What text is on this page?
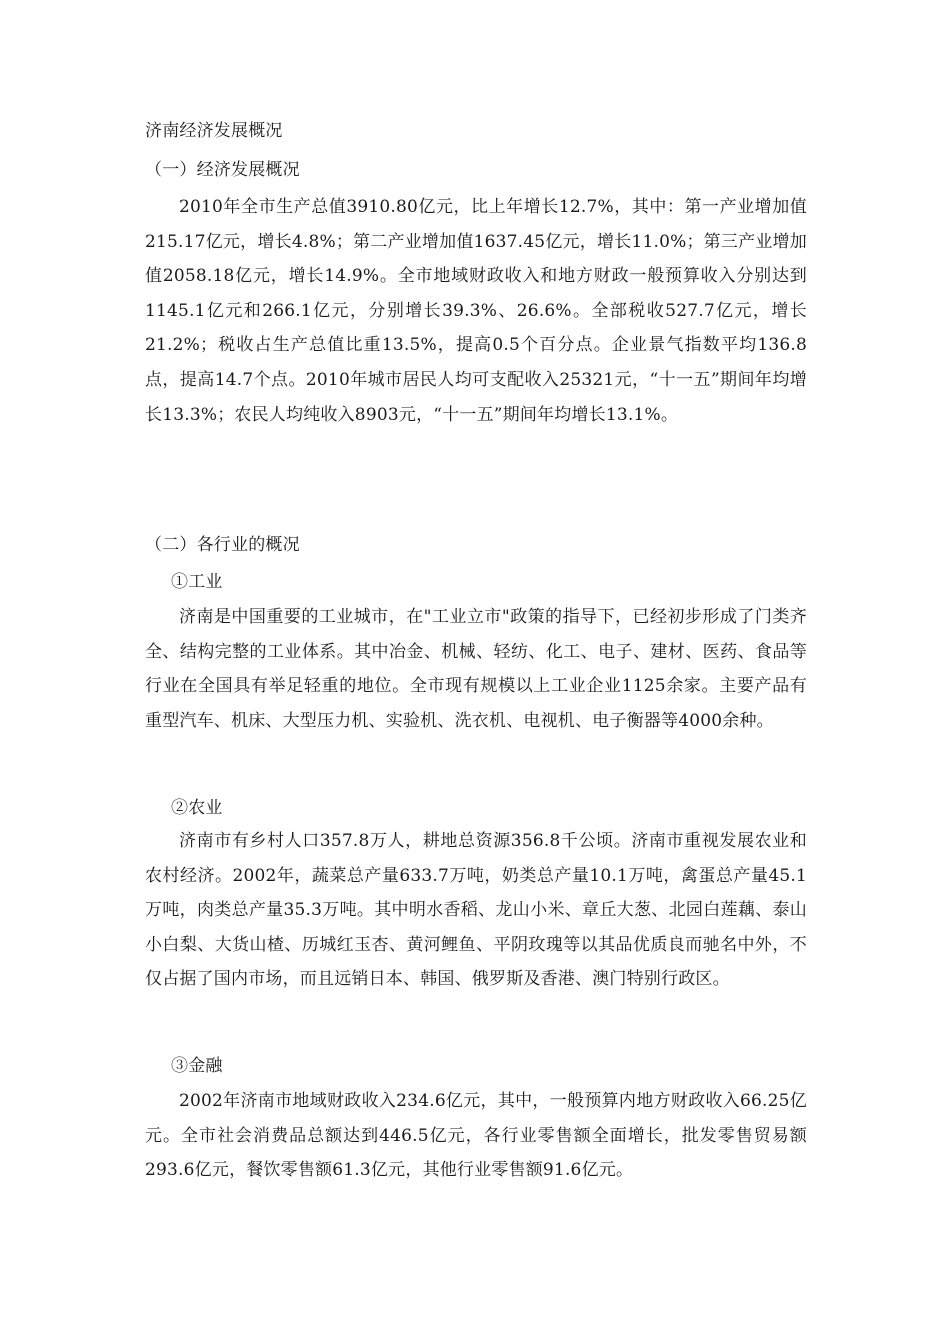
济南经济发展概况
（一）经济发展概况

2010年全市生产总值3910.80亿元，比上年增长12.7%，其中：第一产业增加值215.17亿元，增长4.8%；第二产业增加值1637.45亿元，增长11.0%；第三产业增加值2058.18亿元，增长14.9%。全市地域财政收入和地方财政一般预算收入分别达到1145.1亿元和266.1亿元，分别增长39.3%、26.6%。全部税收527.7亿元，增长21.2%；税收占生产总值比重13.5%，提高0.5个百分点。企业景气指数平均136.8点，提高14.7个点。2010年城市居民人均可支配收入25321元，“十一五”期间年均增长13.3%；农民人均纯收入8903元，“十一五”期间年均增长13.1%。

（二）各行业的概况
①工业

济南是中国重要的工业城市，在"工业立市"政策的指导下，已经初步形成了门类齐全、结构完整的工业体系。其中冶金、机械、轻纺、化工、电子、建材、医药、食品等行业在全国具有举足轻重的地位。全市现有规模以上工业企业1125余家。主要产品有重型汽车、机床、大型压力机、实验机、洗衣机、电视机、电子衡器等4000余种。

②农业

济南市有乡村人口357.8万人，耕地总资源356.8千公顷。济南市重视发展农业和农村经济。2002年，蔬菜总产量633.7万吨，奶类总产量10.1万吨，禽蛋总产量45.1万吨，肉类总产量35.3万吨。其中明水香稻、龙山小米、章丘大葱、北园白莲藕、泰山小白梨、大货山楂、历城红玉杏、黄河鲤鱼、平阴玫瑰等以其品优质良而驰名中外，不仅占据了国内市场，而且远销日本、韩国、俄罗斯及香港、澳门特别行政区。

③金融

2002年济南市地域财政收入234.6亿元，其中，一般预算内地方财政收入66.25亿元。全市社会消费品总额达到446.5亿元，各行业零售额全面增长，批发零售贸易额293.6亿元，餐饮零售额61.3亿元，其他行业零售额91.6亿元。
